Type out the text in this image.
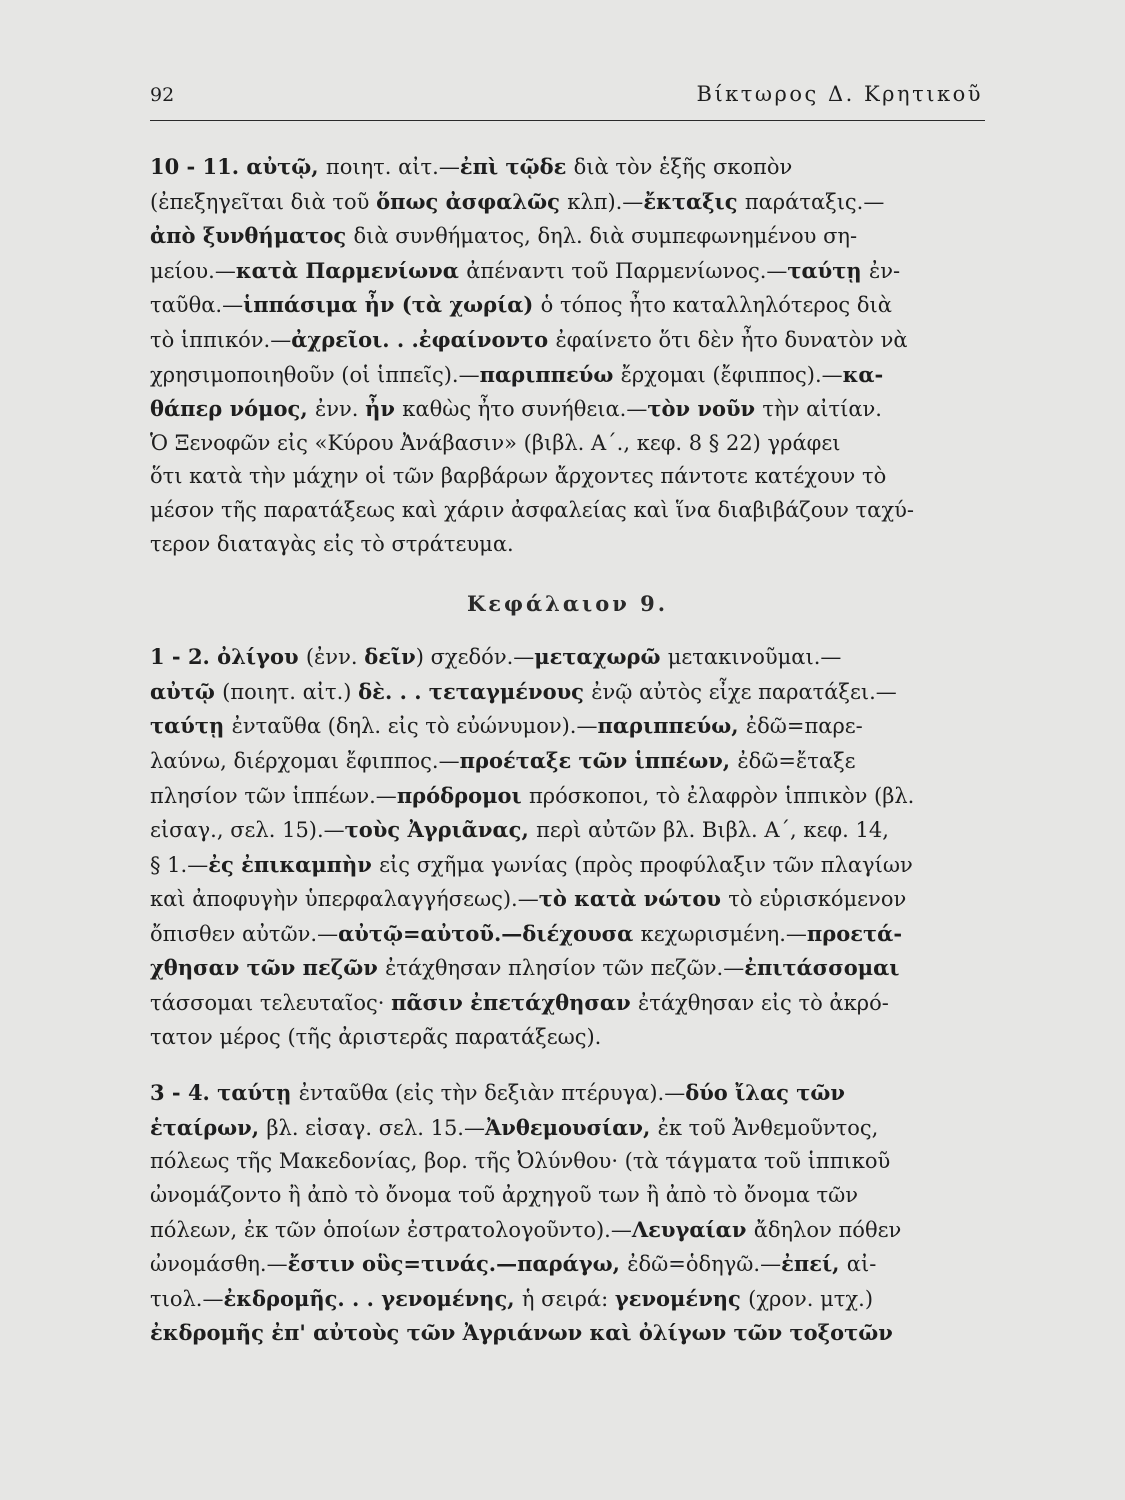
92	Βίκτωρος Δ. Κρητικοῦ
10 - 11. αὐτῷ, ποιητ. αἰτ.—ἐπὶ τῷδε διὰ τὸν ἑξῆς σκοπὸν
(ἐπεξηγεῖται διὰ τοῦ ὅπως ἀσφαλῶς κλπ).—ἔκταξις παράταξις.—
ἀπὸ ξυνθήματος διὰ συνθήματος, δηλ. διὰ συμπεφωνημένου ση-
μείου.—κατὰ Παρμενίωνα ἀπέναντι τοῦ Παρμενίωνος.—ταύτῃ ἐν-
ταῦθα.—ἱππάσιμα ἦν (τὰ χωρία) ὁ τόπος ἦτο καταλληλότερος διὰ
τὸ ἱππικόν.—ἀχρεῖοι. . .ἐφαίνοντο ἐφαίνετο ὅτι δὲν ἦτο δυνατὸν νὰ
χρησιμοποιηθοῦν (οἱ ἱππεῖς).—παριππεύω ἔρχομαι (ἔφιππος).—κα-
θάπερ νόμος, ἐνν. ἦν καθὼς ἦτο συνήθεια.—τὸν νοῦν τὴν αἰτίαν.
Ὁ Ξενοφῶν εἰς «Κύρου Ἀνάβασιν» (βιβλ. Α΄., κεφ. 8 § 22) γράφει
ὅτι κατὰ τὴν μάχην οἱ τῶν βαρβάρων ἄρχοντες πάντοτε κατέχουν τὸ
μέσον τῆς παρατάξεως καὶ χάριν ἀσφαλείας καὶ ἵνα διαβιβάζουν ταχύ-
τερον διαταγὰς εἰς τὸ στράτευμα.
Κεφάλαιον 9.
1 - 2. ὀλίγου (ἐνν. δεῖν) σχεδόν.—μεταχωρῶ μετακινοῦμαι.—
αὐτῷ (ποιητ. αἰτ.) δὲ. . . τεταγμένους ἐνῷ αὐτὸς εἶχε παρατάξει.—
ταύτῃ ἐνταῦθα (δηλ. εἰς τὸ εὐώνυμον).—παριππεύω, ἐδῶ=παρε-
λαύνω, διέρχομαι ἔφιππος.—προέταξε τῶν ἱππέων, ἐδῶ=ἔταξε
πλησίον τῶν ἱππέων.—πρόδρομοι πρόσκοποι, τὸ ἐλαφρὸν ἱππικὸν (βλ.
εἰσαγ., σελ. 15).—τοὺς Ἀγριᾶνας, περὶ αὐτῶν βλ. Βιβλ. Α΄, κεφ. 14,
§ 1.—ἐς ἐπικαμπὴν εἰς σχῆμα γωνίας (πρὸς προφύλαξιν τῶν πλαγίων
καὶ ἀποφυγὴν ὑπερφαλαγγήσεως).—τὸ κατὰ νώτου τὸ εὑρισκόμενον
ὄπισθεν αὐτῶν.—αὐτῷ=αὐτοῦ.—διέχουσα κεχωρισμένη.—προετά-
χθησαν τῶν πεζῶν ἐτάχθησαν πλησίον τῶν πεζῶν.—ἐπιτάσσομαι
τάσσομαι τελευταῖος· πᾶσιν ἐπετάχθησαν ἐτάχθησαν εἰς τὸ ἀκρό-
τατον μέρος (τῆς ἀριστερᾶς παρατάξεως).
3 - 4. ταύτῃ ἐνταῦθα (εἰς τὴν δεξιὰν πτέρυγα).—δύο ἴλας τῶν
ἑταίρων, βλ. εἰσαγ. σελ. 15.—Ἀνθεμουσίαν, ἐκ τοῦ Ἀνθεμοῦντος,
πόλεως τῆς Μακεδονίας, βορ. τῆς Ὀλύνθου· (τὰ τάγματα τοῦ ἱππικοῦ
ὠνομάζοντο ἢ ἀπὸ τὸ ὄνομα τοῦ ἀρχηγοῦ των ἢ ἀπὸ τὸ ὄνομα τῶν
πόλεων, ἐκ τῶν ὁποίων ἐστρατολογοῦντο).—Λευγαίαν ἄδηλον πόθεν
ὠνομάσθη.—ἔστιν οὓς=τινάς.—παράγω, ἐδῶ=ὁδηγῶ.—ἐπεί, αἰ-
τιολ.—ἐκδρομῆς. . . γενομένης, ἡ σειρά: γενομένης (χρον. μτχ.)
ἐκδρομῆς ἐπ' αὐτοὺς τῶν Ἀγριάνων καὶ ὀλίγων τῶν τοξοτῶν
